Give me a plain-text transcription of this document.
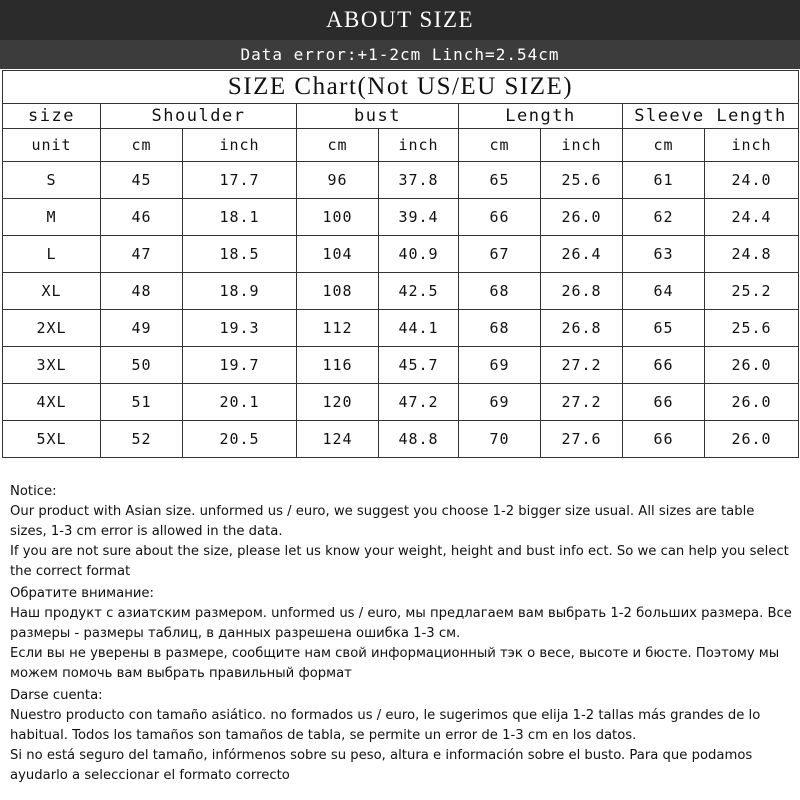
ABOUT SIZE
Data error:+1-2cm Linch=2.54cm
SIZE Chart(Not US/EU SIZE)								
size	Shoulder		bust		Length		Sleeve Length	
unit	cm	inch	cm	inch	cm	inch	cm	inch
S	45	17.7	96	37.8	65	25.6	61	24.0
M	46	18.1	100	39.4	66	26.0	62	24.4
L	47	18.5	104	40.9	67	26.4	63	24.8
XL	48	18.9	108	42.5	68	26.8	64	25.2
2XL	49	19.3	112	44.1	68	26.8	65	25.6
3XL	50	19.7	116	45.7	69	27.2	66	26.0
4XL	51	20.1	120	47.2	69	27.2	66	26.0
5XL	52	20.5	124	48.8	70	27.6	66	26.0

Notice:

Our product with Asian size. unformed us / euro, we suggest you choose 1-2 bigger size usual. All sizes are table sizes, 1-3 cm error is allowed in the data.

If you are not sure about the size, please let us know your weight, height and bust info ect. So we can help you select the correct format

Обратите внимание:

Наш продукт с азиатским размером. unformed us / euro, мы предлагаем вам выбрать 1-2 больших размера. Все размеры - размеры таблиц, в данных разрешена ошибка 1-3 см.

Если вы не уверены в размере, сообщите нам свой информационный тэк о весе, высоте и бюсте. Поэтому мы можем помочь вам выбрать правильный формат

Darse cuenta:

Nuestro producto con tamaño asiático. no formados us / euro, le sugerimos que elija 1-2 tallas más grandes de lo habitual. Todos los tamaños son tamaños de tabla, se permite un error de 1-3 cm en los datos.

Si no está seguro del tamaño, infórmenos sobre su peso, altura e información sobre el busto. Para que podamos ayudarlo a seleccionar el formato correcto
